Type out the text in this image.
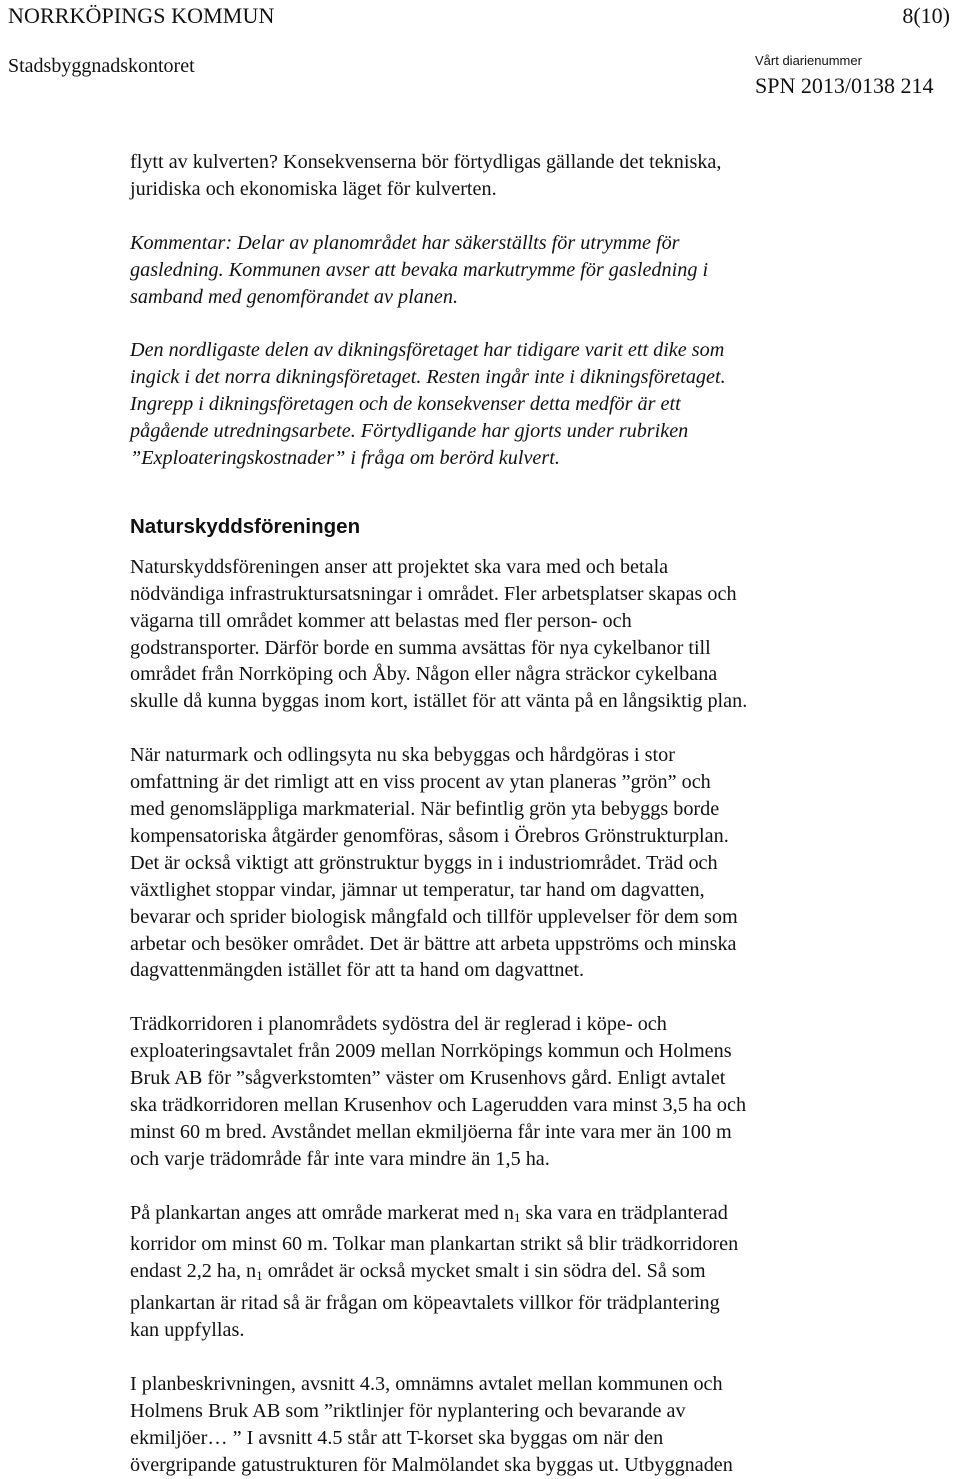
NORRKÖPINGS KOMMUN	8(10)
Stadsbyggnadskontoret	Vårt diarienummer
SPN 2013/0138 214

flytt av kulverten? Konsekvenserna bör förtydligas gällande det tekniska,
juridiska och ekonomiska läget för kulverten.

Kommentar: Delar av planområdet har säkerställts för utrymme för
gasledning. Kommunen avser att bevaka markutrymme för gasledning i
samband med genomförandet av planen.

Den nordligaste delen av dikningsföretaget har tidigare varit ett dike som
ingick i det norra dikningsföretaget. Resten ingår inte i dikningsföretaget.
Ingrepp i dikningsföretagen och de konsekvenser detta medför är ett
pågående utredningsarbete. Förtydligande har gjorts under rubriken
”Exploateringskostnader” i fråga om berörd kulvert.

Naturskyddsföreningen

Naturskyddsföreningen anser att projektet ska vara med och betala
nödvändiga infrastruktursatsningar i området. Fler arbetsplatser skapas och
vägarna till området kommer att belastas med fler person- och
godstransporter. Därför borde en summa avsättas för nya cykelbanor till
området från Norrköping och Åby. Någon eller några sträckor cykelbana
skulle då kunna byggas inom kort, istället för att vänta på en långsiktig plan.

När naturmark och odlingsyta nu ska bebyggas och hårdgöras i stor
omfattning är det rimligt att en viss procent av ytan planeras ”grön” och
med genomsläppliga markmaterial. När befintlig grön yta bebyggs borde
kompensatoriska åtgärder genomföras, såsom i Örebros Grönstrukturplan.
Det är också viktigt att grönstruktur byggs in i industriområdet. Träd och
växtlighet stoppar vindar, jämnar ut temperatur, tar hand om dagvatten,
bevarar och sprider biologisk mångfald och tillför upplevelser för dem som
arbetar och besöker området. Det är bättre att arbeta uppströms och minska
dagvattenmängden istället för att ta hand om dagvattnet.

Trädkorridoren i planområdets sydöstra del är reglerad i köpe- och
exploateringsavtalet från 2009 mellan Norrköpings kommun och Holmens
Bruk AB för ”sågverkstomten” väster om Krusenhovs gård. Enligt avtalet
ska trädkorridoren mellan Krusenhov och Lagerudden vara minst 3,5 ha och
minst 60 m bred. Avståndet mellan ekmiljöerna får inte vara mer än 100 m
och varje trädområde får inte vara mindre än 1,5 ha.

På plankartan anges att område markerat med $n_1$ ska vara en trädplanterad
korridor om minst 60 m. Tolkar man plankartan strikt så blir trädkorridoren
endast 2,2 ha, $n_1$ området är också mycket smalt i sin södra del. Så som
plankartan är ritad så är frågan om köpeavtalets villkor för trädplantering
kan uppfyllas.

I planbeskrivningen, avsnitt 4.3, omnämns avtalet mellan kommunen och
Holmens Bruk AB som ”riktlinjer för nyplantering och bevarande av
ekmiljöer… ” I avsnitt 4.5 står att T-korset ska byggas om när den
övergripande gatustrukturen för Malmölandet ska byggas ut. Utbyggnaden
